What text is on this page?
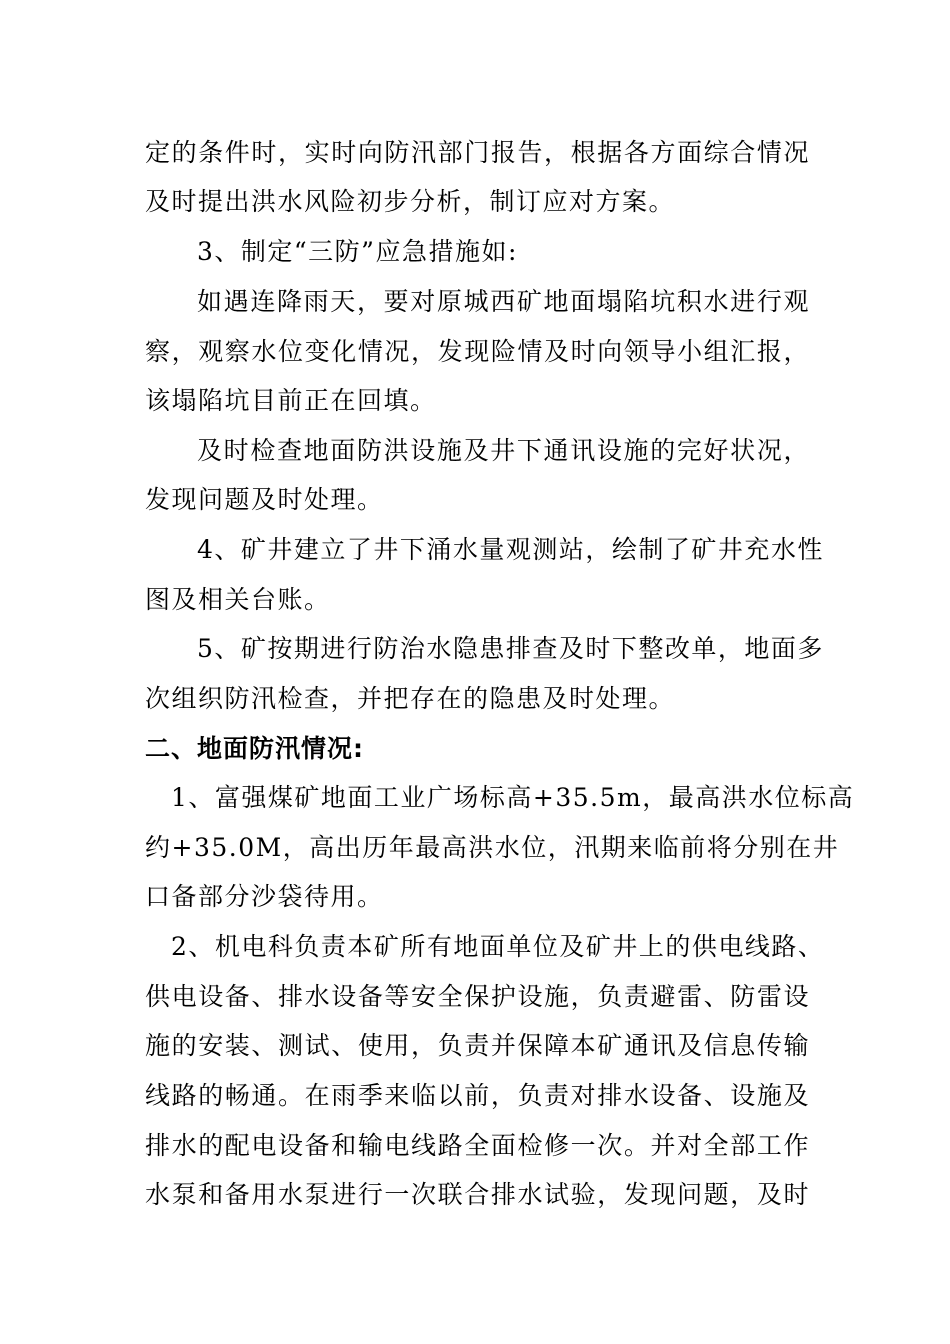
定的条件时，实时向防汛部门报告，根据各方面综合情况
及时提出洪水风险初步分析，制订应对方案。
3、制定“三防”应急措施如:
如遇连降雨天，要对原城西矿地面塌陷坑积水进行观
察，观察水位变化情况，发现险情及时向领导小组汇报，
该塌陷坑目前正在回填。
及时检查地面防洪设施及井下通讯设施的完好状况，
发现问题及时处理。
4、矿井建立了井下涌水量观测站，绘制了矿井充水性
图及相关台账。
5、矿按期进行防治水隐患排查及时下整改单，地面多
次组织防汛检查，并把存在的隐患及时处理。
二、地面防汛情况:
1、富强煤矿地面工业广场标高+35.5m，最高洪水位标高
约+35.0M，高出历年最高洪水位，汛期来临前将分别在井
口备部分沙袋待用。
2、机电科负责本矿所有地面单位及矿井上的供电线路、
供电设备、排水设备等安全保护设施，负责避雷、防雷设
施的安装、测试、使用，负责并保障本矿通讯及信息传输
线路的畅通。在雨季来临以前，负责对排水设备、设施及
排水的配电设备和输电线路全面检修一次。并对全部工作
水泵和备用水泵进行一次联合排水试验，发现问题，及时
